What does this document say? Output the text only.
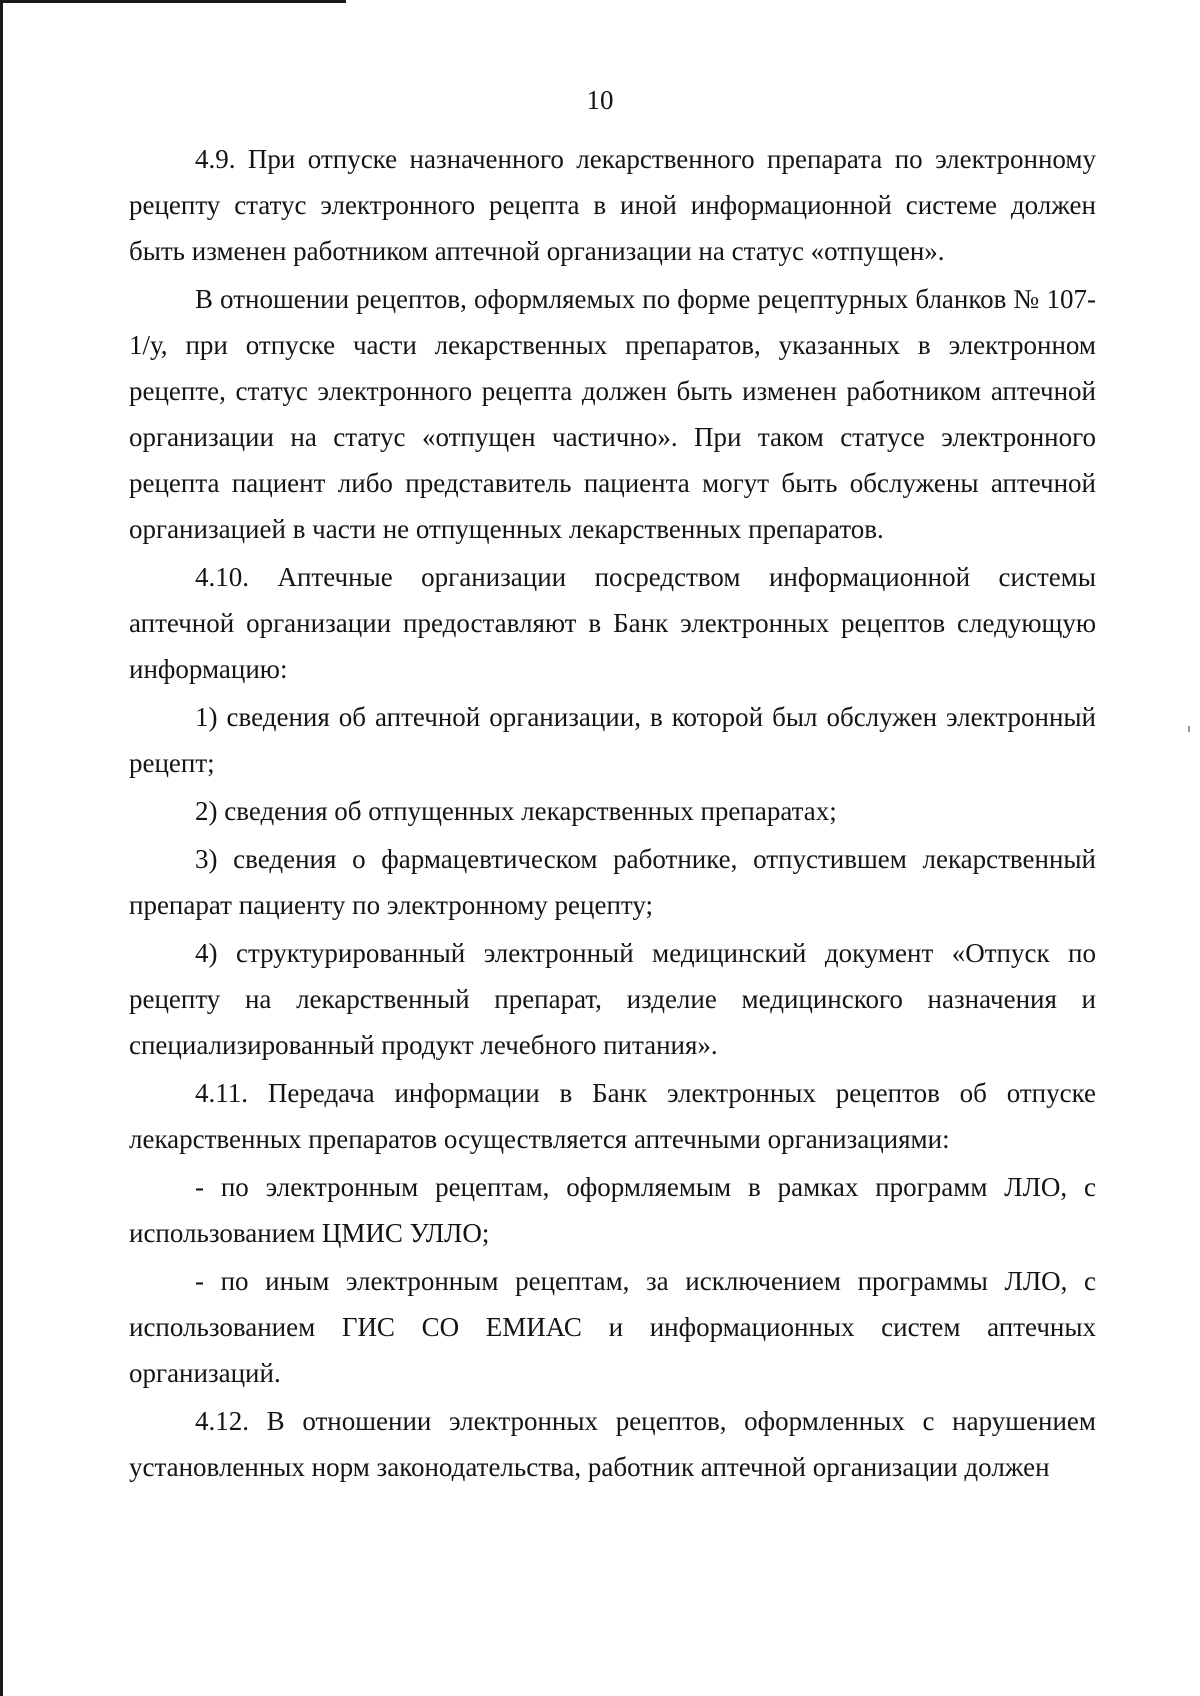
10

4.9. При отпуске назначенного лекарственного препарата по электронному рецепту статус электронного рецепта в иной информационной системе должен быть изменен работником аптечной организации на статус «отпущен».

В отношении рецептов, оформляемых по форме рецептурных бланков № 107-1/у, при отпуске части лекарственных препаратов, указанных в электронном рецепте, статус электронного рецепта должен быть изменен работником аптечной организации на статус «отпущен частично». При таком статусе электронного рецепта пациент либо представитель пациента могут быть обслужены аптечной организацией в части не отпущенных лекарственных препаратов.

4.10. Аптечные организации посредством информационной системы аптечной организации предоставляют в Банк электронных рецептов следующую информацию:

1) сведения об аптечной организации, в которой был обслужен электронный рецепт;

2) сведения об отпущенных лекарственных препаратах;

3) сведения о фармацевтическом работнике, отпустившем лекарственный препарат пациенту по электронному рецепту;

4) структурированный электронный медицинский документ «Отпуск по рецепту на лекарственный препарат, изделие медицинского назначения и специализированный продукт лечебного питания».

4.11. Передача информации в Банк электронных рецептов об отпуске лекарственных препаратов осуществляется аптечными организациями:

- по электронным рецептам, оформляемым в рамках программ ЛЛО, с использованием ЦМИС УЛЛО;

- по иным электронным рецептам, за исключением программы ЛЛО, с использованием ГИС СО ЕМИАС и информационных систем аптечных организаций.

4.12. В отношении электронных рецептов, оформленных с нарушением установленных норм законодательства, работник аптечной организации должен
